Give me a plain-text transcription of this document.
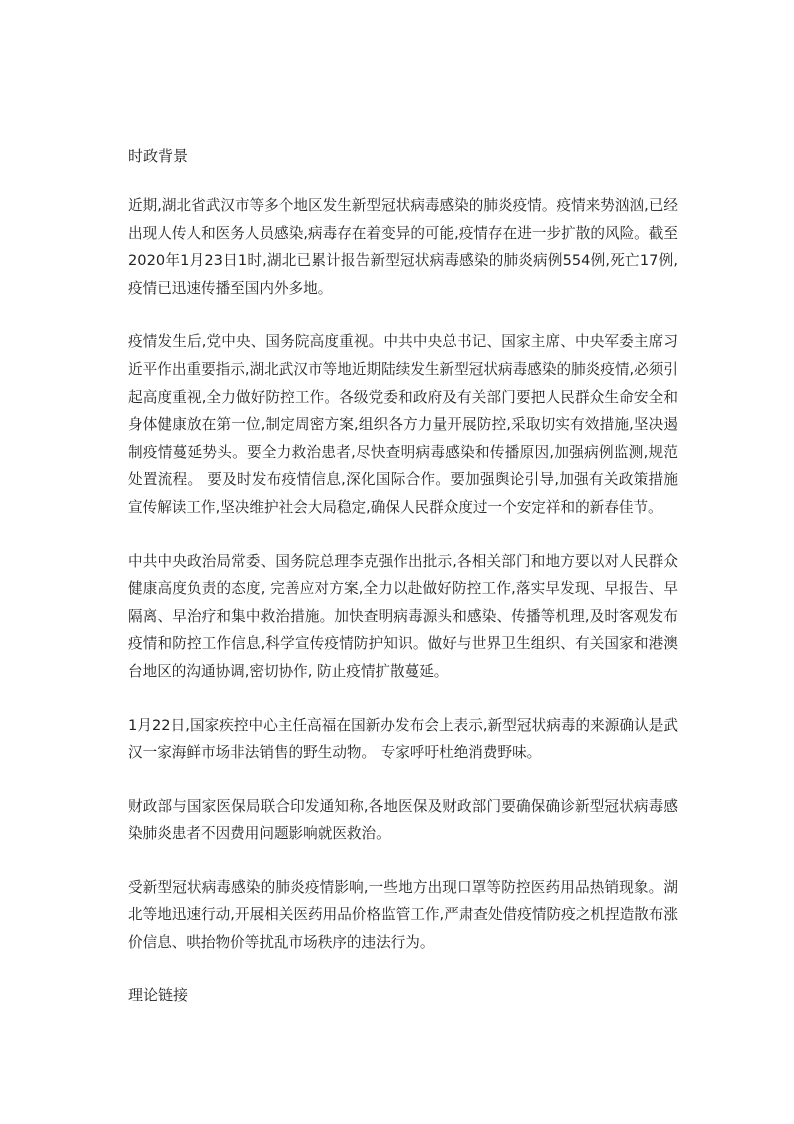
时政背景

近期,湖北省武汉市等多个地区发生新型冠状病毒感染的肺炎疫情。疫情来势汹汹,已经出现人传人和医务人员感染,病毒存在着变异的可能,疫情存在进一步扩散的风险。截至2020年1月23日1时,湖北已累计报告新型冠状病毒感染的肺炎病例554例,死亡17例,疫情已迅速传播至国内外多地。

疫情发生后,党中央、国务院高度重视。中共中央总书记、国家主席、中央军委主席习近平作出重要指示,湖北武汉市等地近期陆续发生新型冠状病毒感染的肺炎疫情,必须引起高度重视,全力做好防控工作。各级党委和政府及有关部门要把人民群众生命安全和身体健康放在第一位,制定周密方案,组织各方力量开展防控,采取切实有效措施,坚决遏制疫情蔓延势头。要全力救治患者,尽快查明病毒感染和传播原因,加强病例监测,规范处置流程。 要及时发布疫情信息,深化国际合作。要加强舆论引导,加强有关政策措施宣传解读工作,坚决维护社会大局稳定,确保人民群众度过一个安定祥和的新春佳节。

中共中央政治局常委、国务院总理李克强作出批示,各相关部门和地方要以对人民群众健康高度负责的态度, 完善应对方案,全力以赴做好防控工作,落实早发现、早报告、早隔离、早治疗和集中救治措施。加快查明病毒源头和感染、传播等机理,及时客观发布疫情和防控工作信息,科学宣传疫情防护知识。做好与世界卫生组织、有关国家和港澳台地区的沟通协调,密切协作, 防止疫情扩散蔓延。

1月22日,国家疾控中心主任高福在国新办发布会上表示,新型冠状病毒的来源确认是武汉一家海鲜市场非法销售的野生动物。 专家呼吁杜绝消费野味。

财政部与国家医保局联合印发通知称,各地医保及财政部门要确保确诊新型冠状病毒感染肺炎患者不因费用问题影响就医救治。

受新型冠状病毒感染的肺炎疫情影响,一些地方出现口罩等防控医药用品热销现象。湖北等地迅速行动,开展相关医药用品价格监管工作,严肃查处借疫情防疫之机捏造散布涨价信息、哄抬物价等扰乱市场秩序的违法行为。

理论链接
